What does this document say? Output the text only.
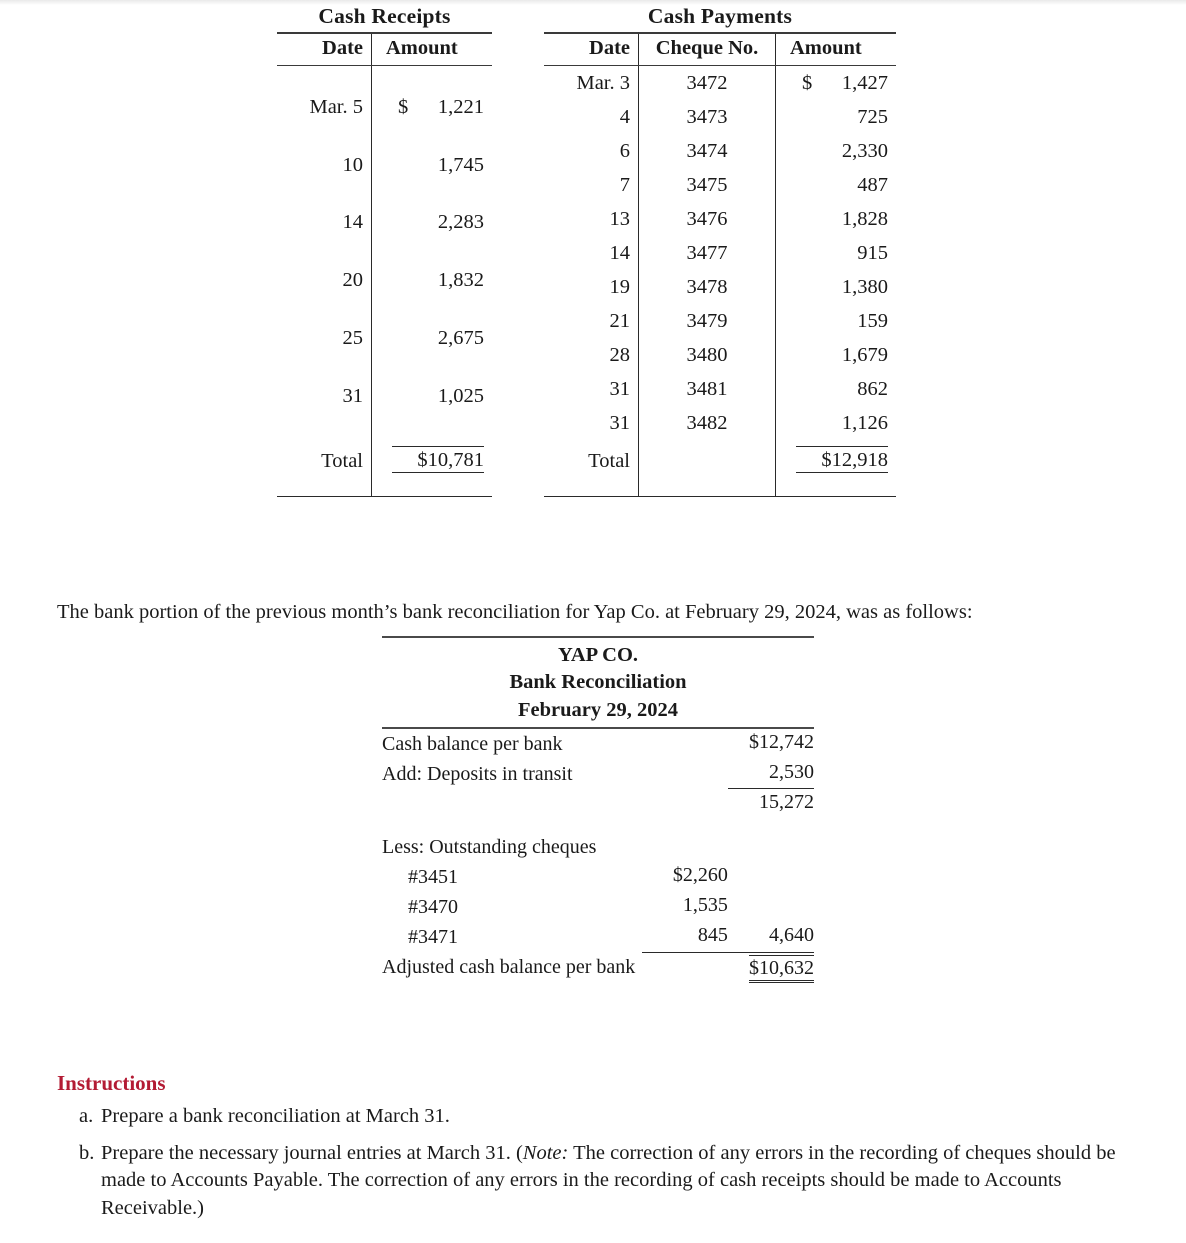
Cash Receipts
Date	Amount
Mar. 5	$ 1,221
10	1,745
14	2,283
20	1,832
25	2,675
31	1,025
Total	$10,781

Cash Payments
Date	Cheque No.	Amount
Mar. 3	3472	$ 1,427
4	3473	725
6	3474	2,330
7	3475	487
13	3476	1,828
14	3477	915
19	3478	1,380
21	3479	159
28	3480	1,679
31	3481	862
31	3482	1,126
Total		$12,918

The bank portion of the previous month’s bank reconciliation for Yap Co. at February 29, 2024, was as follows:

YAP CO.
Bank Reconciliation
February 29, 2024
Cash balance per bank		$12,742
Add: Deposits in transit		2,530
		15,272

Less: Outstanding cheques		
#3451	$2,260	
#3470	1,535	
#3471	845	4,640
Adjusted cash balance per bank		$10,632
Instructions
a. Prepare a bank reconciliation at March 31.
b. Prepare the necessary journal entries at March 31. (Note: The correction of any errors in the recording of cheques should be made to Accounts Payable. The correction of any errors in the recording of cash receipts should be made to Accounts Receivable.)
